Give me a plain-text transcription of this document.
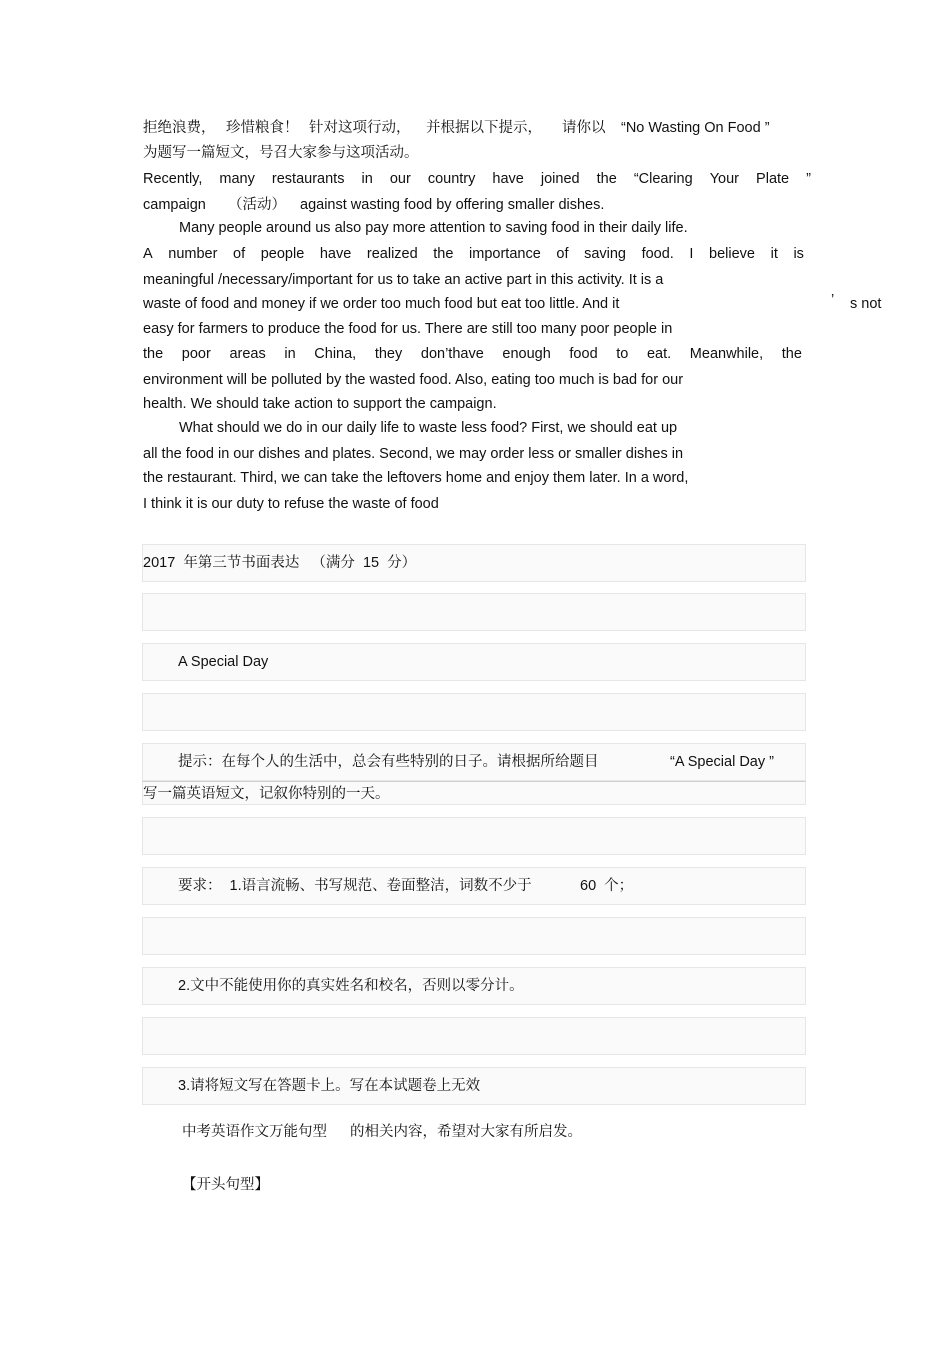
拒绝浪费， 珍惜粮食！ 针对这项行动， 并根据以下提示， 请你以 “No Wasting On Food ”
为题写一篇短文，号召大家参与这项活动。
Recently, many restaurants in our country have joined the “Clearing Your Plate ”
campaign （活动） against wasting food by offering smaller dishes.
Many people around us also pay more attention to saving food in their daily life.
A number of people have realized the importance of saving food. I believe it is
meaningful /necessary/important for us to take an active part in this activity. It is a
waste of food and money if we order too much food but eat too little. And it	’ s not
easy for farmers to produce the food for us. There are still too many poor people in
the poor areas in China, they don’thave enough food to eat. Meanwhile, the
environment will be polluted by the wasted food. Also, eating too much is bad for our
health. We should take action to support the campaign.
What should we do in our daily life to waste less food? First, we should eat up
all the food in our dishes and plates. Second, we may order less or smaller dishes in
the restaurant. Third, we can take the leftovers home and enjoy them later. In a word,
I think it is our duty to refuse the waste of food
2017  年第三节书面表达   （满分  15  分）
A Special Day
提示：在每个人的生活中，总会有些特别的日子。请根据所给题目	“A Special Day ”
写一篇英语短文，记叙你特别的一天。
要求：  1.语言流畅、书写规范、卷面整洁，词数不少于	60  个；
2.文中不能使用你的真实姓名和校名，否则以零分计。
3.请将短文写在答题卡上。写在本试题卷上无效
中考英语作文万能句型 的相关内容，希望对大家有所启发。
【开头句型】
